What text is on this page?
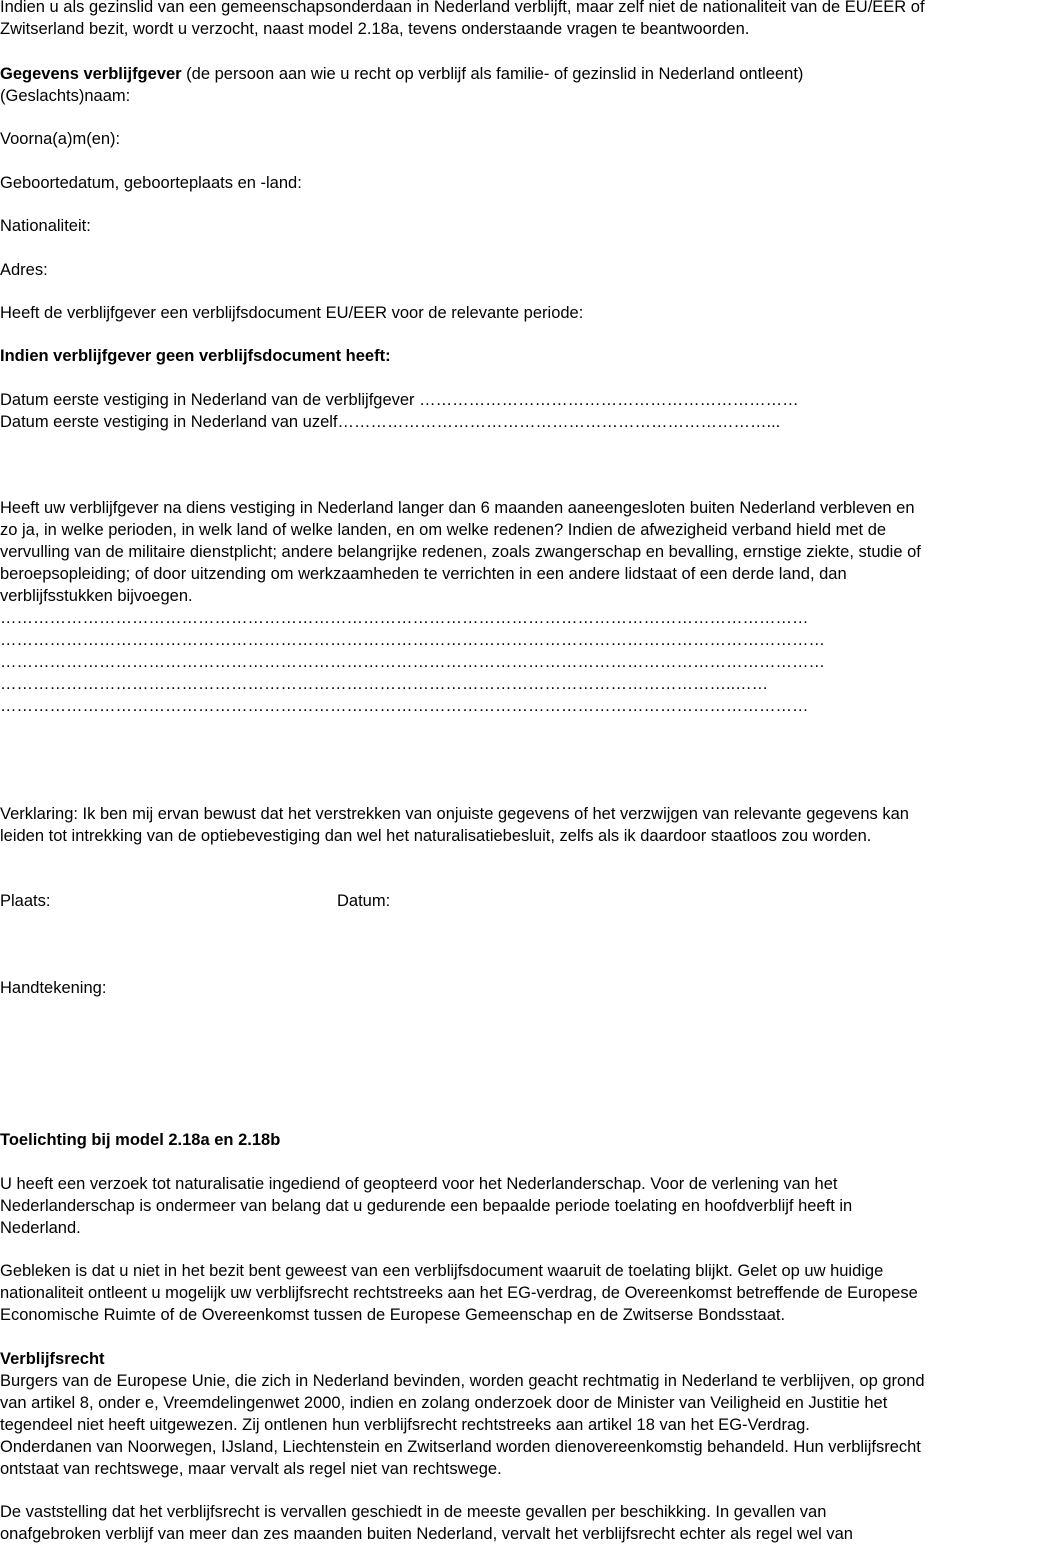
Indien u als gezinslid van een gemeenschapsonderdaan in Nederland verblijft, maar zelf niet de nationaliteit van de EU/EER of
Zwitserland bezit, wordt u verzocht, naast model 2.18a, tevens onderstaande vragen te beantwoorden.
Gegevens verblijfgever (de persoon aan wie u recht op verblijf als familie- of gezinslid in Nederland ontleent)
(Geslachts)naam:
Voorna(a)m(en):
Geboortedatum, geboorteplaats en -land:
Nationaliteit:
Adres:
Heeft de verblijfgever een verblijfsdocument EU/EER voor de relevante periode:
Indien verblijfgever geen verblijfsdocument heeft:
Datum eerste vestiging in Nederland van de verblijfgever ……………………………………………………………
Datum eerste vestiging in Nederland van uzelf……………………………………………………………………...
Heeft uw verblijfgever na diens vestiging in Nederland langer dan 6 maanden aaneengesloten buiten Nederland verbleven en
zo ja, in welke perioden, in welk land of welke landen, en om welke redenen? Indien de afwezigheid verband hield met de
vervulling van de militaire dienstplicht; andere belangrijke redenen, zoals zwangerschap en bevalling, ernstige ziekte, studie of
beroepsopleiding; of door uitzending om werkzaamheden te verrichten in een andere lidstaat of een derde land, dan
verblijfsstukken bijvoegen.
…………………………………………………………………………………………………………………………………
……………………………………………………………………………………………………………………………………
……………………………………………………………………………………………………………………………………
……………………………………………………………………………………………………………………..……
…………………………………………………………………………………………………………………………………
Verklaring: Ik ben mij ervan bewust dat het verstrekken van onjuiste gegevens of het verzwijgen van relevante gegevens kan
leiden tot intrekking van de optiebevestiging dan wel het naturalisatiebesluit, zelfs als ik daardoor staatloos zou worden.
Plaats:	Datum:
Handtekening:
Toelichting bij model 2.18a en 2.18b
U heeft een verzoek tot naturalisatie ingediend of geopteerd voor het Nederlanderschap. Voor de verlening van het
Nederlanderschap is ondermeer van belang dat u gedurende een bepaalde periode toelating en hoofdverblijf heeft in
Nederland.
Gebleken is dat u niet in het bezit bent geweest van een verblijfsdocument waaruit de toelating blijkt. Gelet op uw huidige
nationaliteit ontleent u mogelijk uw verblijfsrecht rechtstreeks aan het EG-verdrag, de Overeenkomst betreffende de Europese
Economische Ruimte of de Overeenkomst tussen de Europese Gemeenschap en de Zwitserse Bondsstaat.
Verblijfsrecht
Burgers van de Europese Unie, die zich in Nederland bevinden, worden geacht rechtmatig in Nederland te verblijven, op grond
van artikel 8, onder e, Vreemdelingenwet 2000, indien en zolang onderzoek door de Minister van Veiligheid en Justitie het
tegendeel niet heeft uitgewezen. Zij ontlenen hun verblijfsrecht rechtstreeks aan artikel 18 van het EG-Verdrag.
Onderdanen van Noorwegen, IJsland, Liechtenstein en Zwitserland worden dienovereenkomstig behandeld. Hun verblijfsrecht
ontstaat van rechtswege, maar vervalt als regel niet van rechtswege.
De vaststelling dat het verblijfsrecht is vervallen geschiedt in de meeste gevallen per beschikking. In gevallen van
onafgebroken verblijf van meer dan zes maanden buiten Nederland, vervalt het verblijfsrecht echter als regel wel van
